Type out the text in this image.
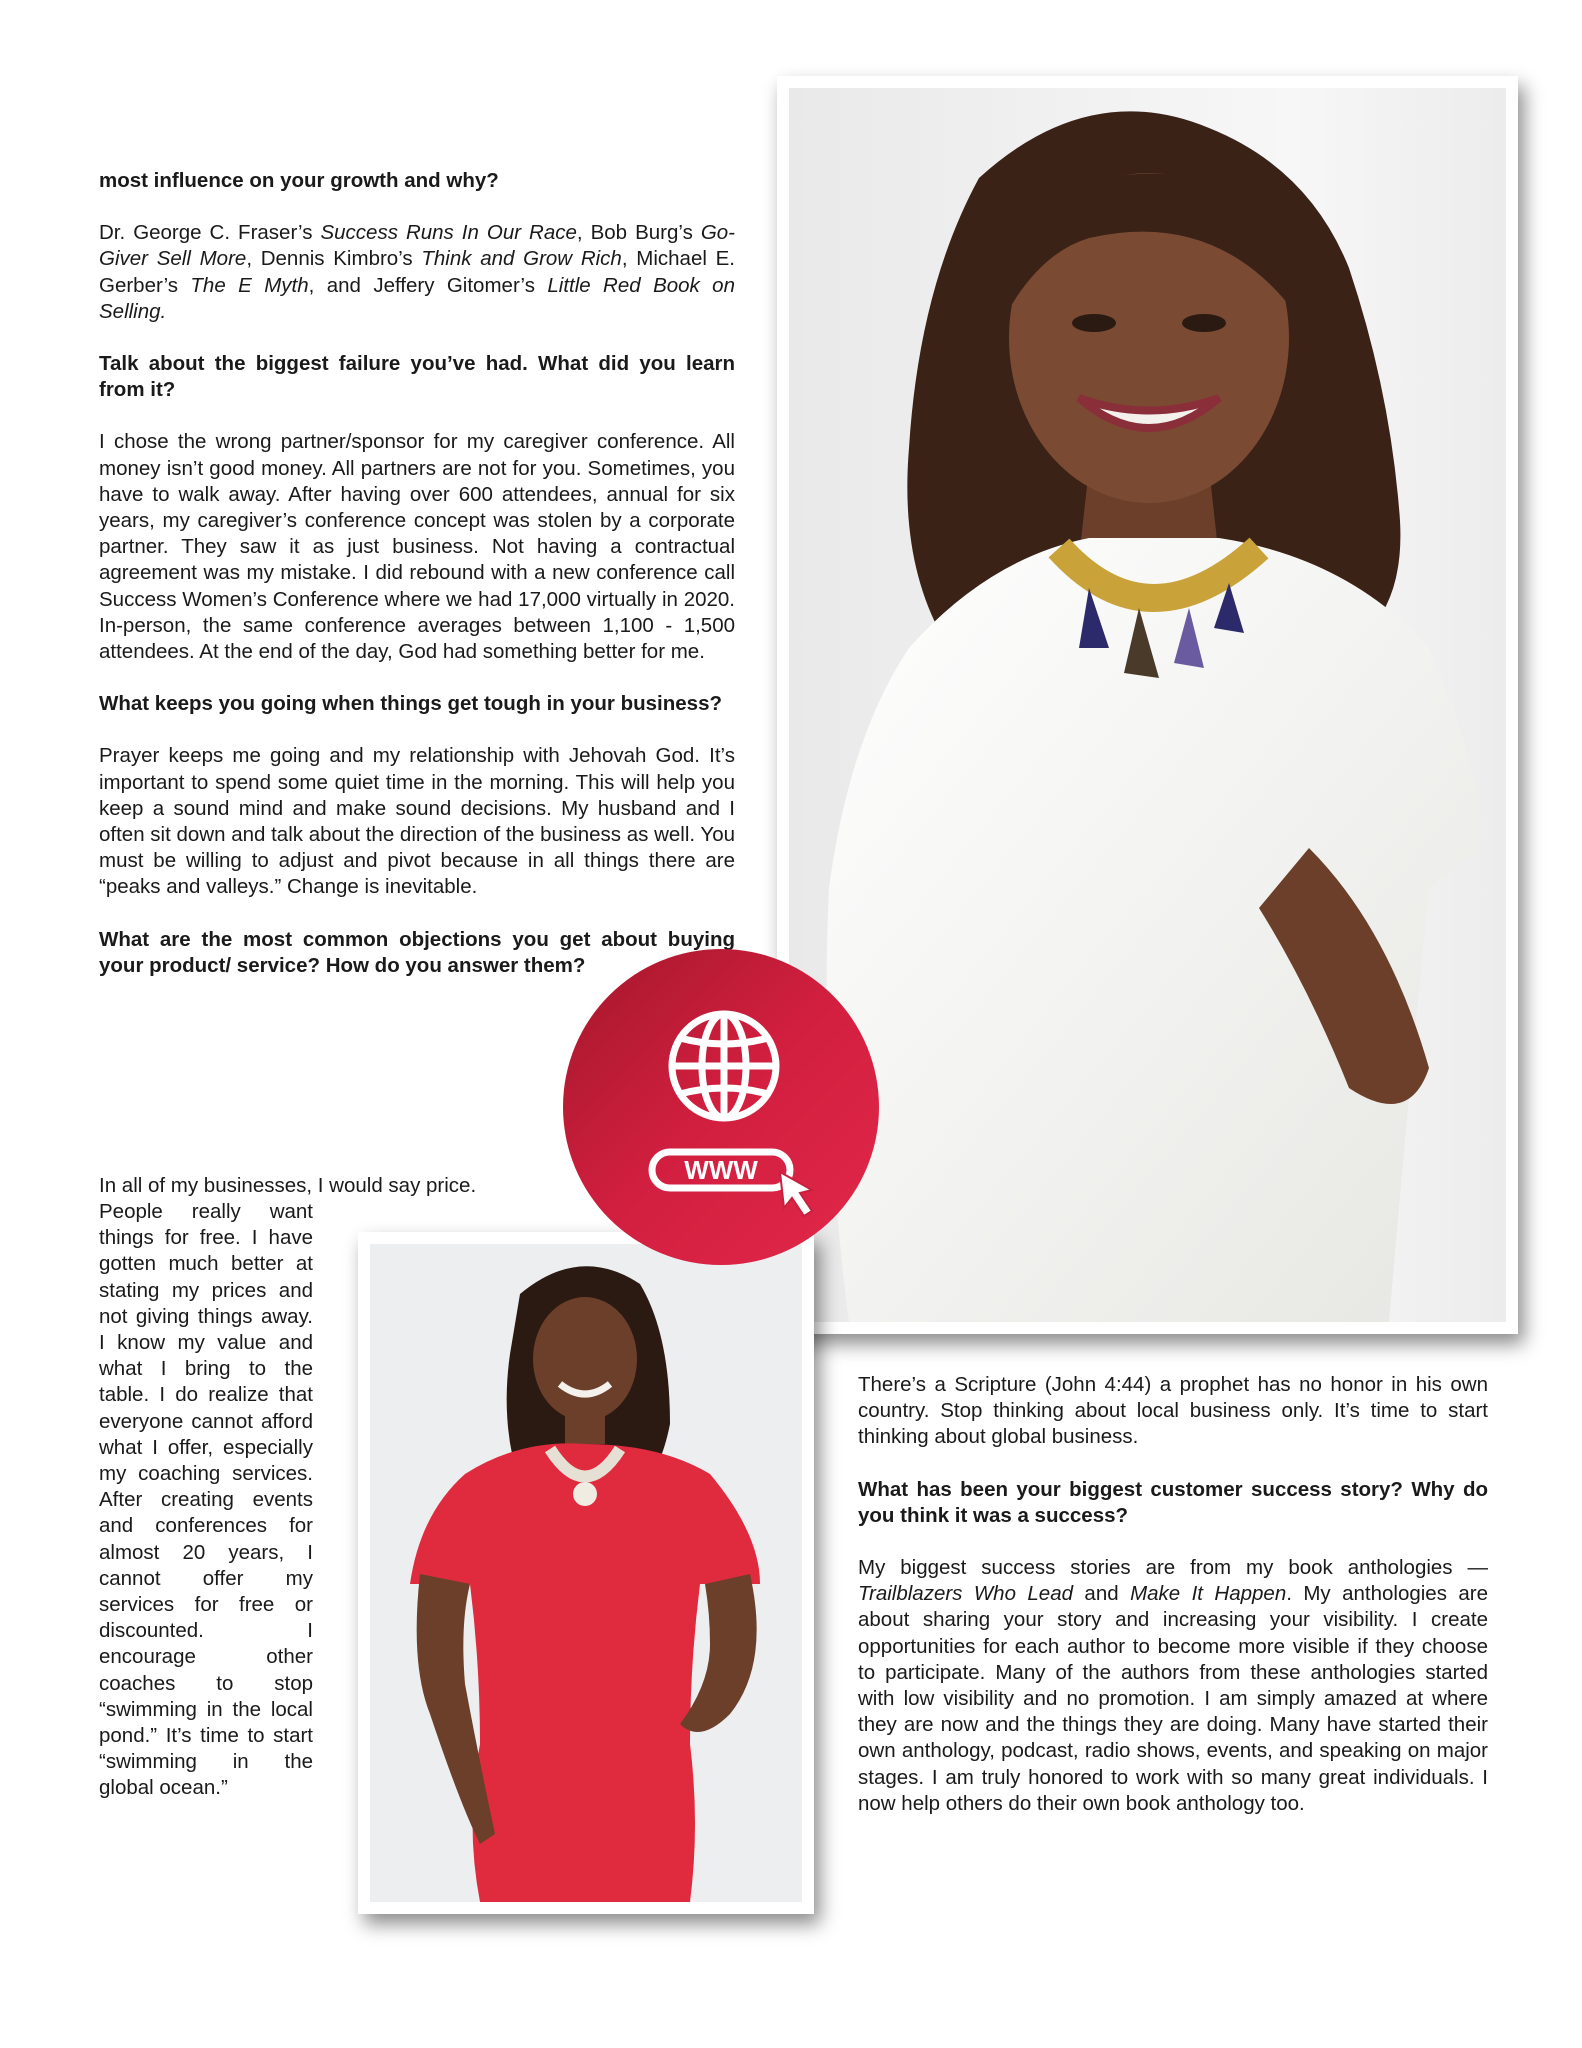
most influence on your growth and why?

Dr. George C. Fraser’s Success Runs In Our Race, Bob Burg’s Go-Giver Sell More, Dennis Kimbro’s Think and Grow Rich, Michael E. Gerber’s The E Myth, and Jeffery Gitomer’s Little Red Book on Selling.

Talk about the biggest failure you’ve had. What did you learn from it?

I chose the wrong partner/sponsor for my caregiver conference. All money isn’t good money. All partners are not for you. Sometimes, you have to walk away. After having over 600 attendees, annual for six years, my caregiver’s conference concept was stolen by a corporate partner. They saw it as just business. Not having a contractual agreement was my mistake. I did rebound with a new conference call Success Women’s Conference where we had 17,000 virtually in 2020. In-person, the same conference averages between 1,100 - 1,500 attendees. At the end of the day, God had something better for me.

What keeps you going when things get tough in your business?

Prayer keeps me going and my relationship with Jehovah God. It’s important to spend some quiet time in the morning. This will help you keep a sound mind and make sound decisions. My husband and I often sit down and talk about the direction of the business as well. You must be willing to adjust and pivot because in all things there are “peaks and valleys.” Change is inevitable.

What are the most common objections you get about buying your product/ service? How do you answer them?

In all of my businesses, I would say price.
People really want things for free. I have gotten much better at stating my prices and not giving things away. I know my value and what I bring to the table. I do realize that everyone cannot afford what I offer, especially my coaching services. After creating events and conferences for almost 20 years, I cannot offer my services for free or discounted. I encourage other coaches to stop “swimming in the local pond.” It’s time to start “swimming in the global ocean.”

There’s a Scripture (John 4:44) a prophet has no honor in his own country. Stop thinking about local business only. It’s time to start thinking about global business.

What has been your biggest customer success story? Why do you think it was a success?

My biggest success stories are from my book anthologies — Trailblazers Who Lead and Make It Happen. My anthologies are about sharing your story and increasing your visibility. I create opportunities for each author to become more visible if they choose to participate. Many of the authors from these anthologies started with low visibility and no promotion. I am simply amazed at where they are now and the things they are doing. Many have started their own anthology, podcast, radio shows, events, and speaking on major stages. I am truly honored to work with so many great individuals. I now help others do their own book anthology too.

WWW
